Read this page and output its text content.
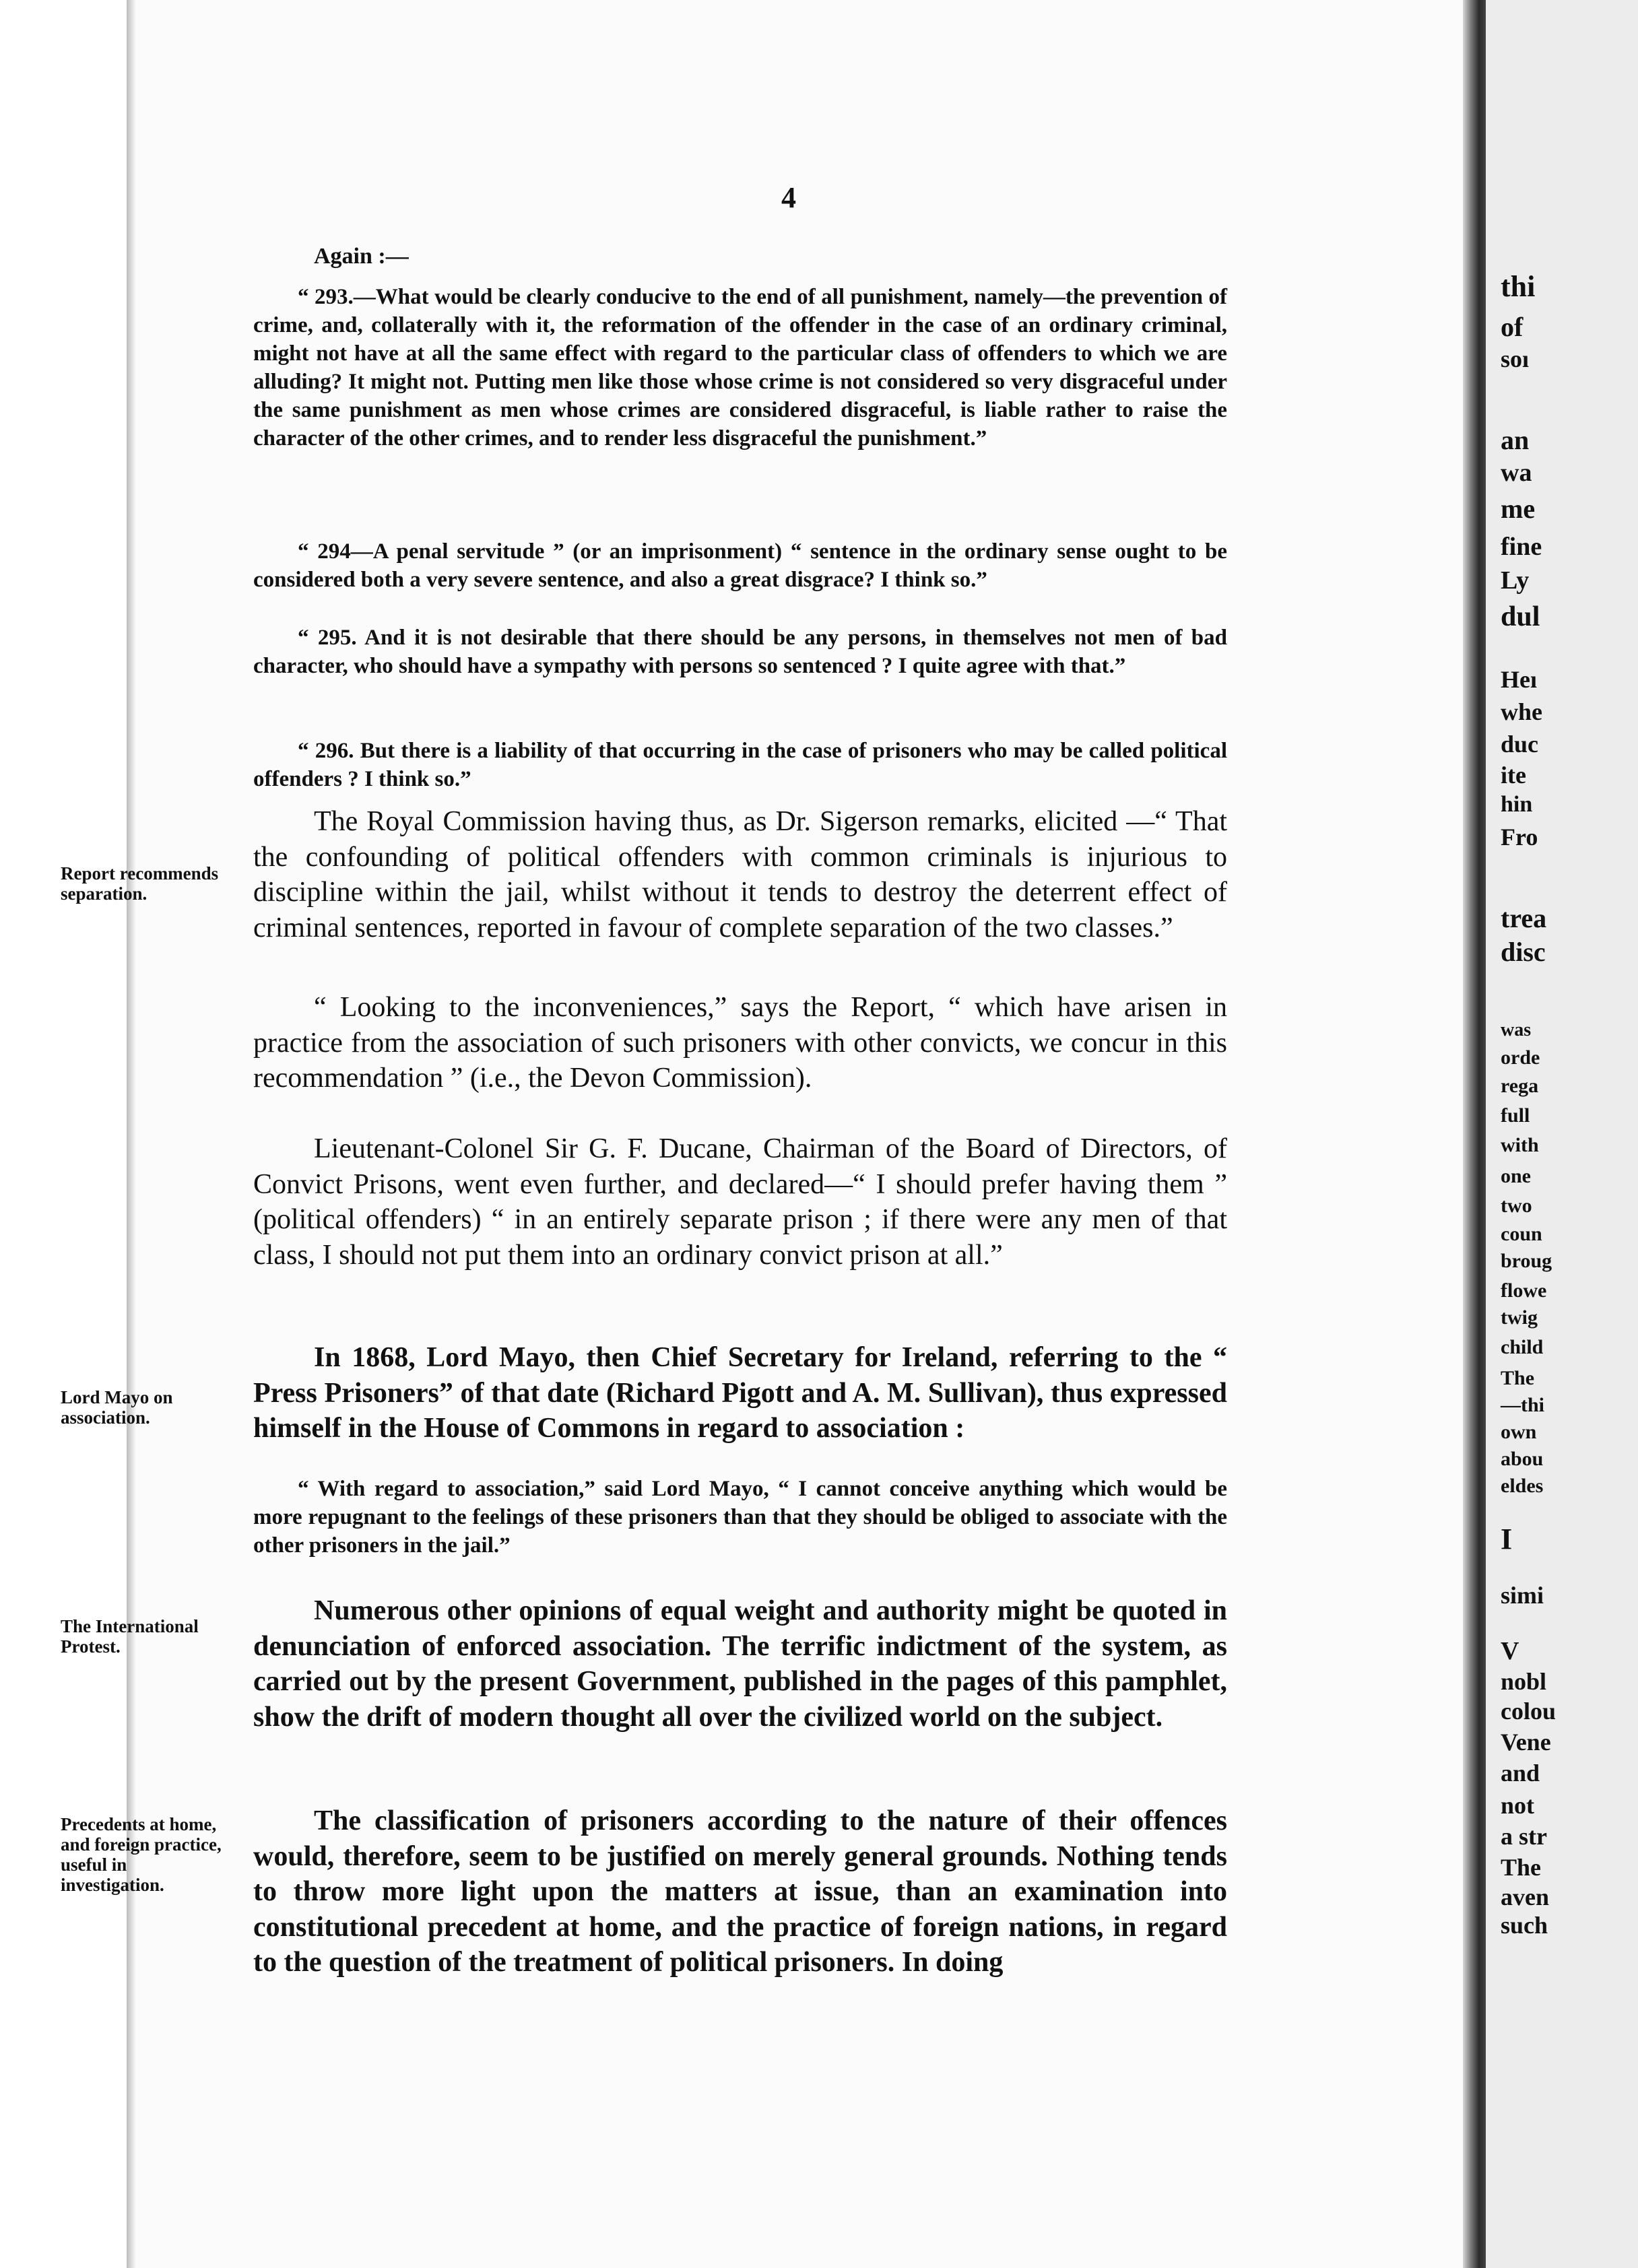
thi
of
soı
an
wa
me
fine
Ly
dul
Heı
whe
duc
ite
hin
Fro
trea
disc
was
orde
rega
full
with
one
two
coun
broug
flowe
twig
child
The
—thi
own
abou
eldes
I
simi
V
nobl
colou
Vene
and
not
a str
The
aven
such
4
Again :—

“ 293.—What would be clearly conducive to the end of all punishment, namely—the prevention of crime, and, collaterally with it, the reformation of the offender in the case of an ordinary criminal, might not have at all the same effect with regard to the particular class of offenders to which we are alluding? It might not. Putting men like those whose crime is not considered so very disgraceful under the same punishment as men whose crimes are considered disgraceful, is liable rather to raise the character of the other crimes, and to render less disgraceful the punishment.”

“ 294—A penal servitude ” (or an imprisonment) “ sentence in the ordinary sense ought to be considered both a very severe sentence, and also a great disgrace? I think so.”

“ 295. And it is not desirable that there should be any persons, in themselves not men of bad character, who should have a sympathy with persons so sentenced ? I quite agree with that.”

“ 296. But there is a liability of that occurring in the case of prisoners who may be called political offenders ? I think so.”

The Royal Commission having thus, as Dr. Sigerson remarks, elicited —“ That the confounding of political offenders with common criminals is injurious to discipline within the jail, whilst without it tends to destroy the deterrent effect of criminal sentences, reported in favour of complete separation of the two classes.”

“ Looking to the inconveniences,” says the Report, “ which have arisen in practice from the association of such prisoners with other convicts, we concur in this recommendation ” (i.e., the Devon Commission).

Lieutenant-Colonel Sir G. F. Ducane, Chairman of the Board of Directors, of Convict Prisons, went even further, and declared—“ I should prefer having them ” (political offenders) “ in an entirely separate prison ; if there were any men of that class, I should not put them into an ordinary convict prison at all.”

In 1868, Lord Mayo, then Chief Secretary for Ireland, referring to the “ Press Prisoners” of that date (Richard Pigott and A. M. Sullivan), thus expressed himself in the House of Commons in regard to association :

“ With regard to association,” said Lord Mayo, “ I cannot conceive anything which would be more repugnant to the feelings of these prisoners than that they should be obliged to associate with the other prisoners in the jail.”

Numerous other opinions of equal weight and authority might be quoted in denunciation of enforced association. The terrific indictment of the system, as carried out by the present Government, published in the pages of this pamphlet, show the drift of modern thought all over the civilized world on the subject.

The classification of prisoners according to the nature of their offences would, therefore, seem to be justified on merely general grounds. Nothing tends to throw more light upon the matters at issue, than an examination into constitutional precedent at home, and the practice of foreign nations, in regard to the question of the treatment of political prisoners. In doing

Report recommends separation.
Lord Mayo on association.
The International Protest.
Precedents at home, and foreign practice, useful in investigation.
